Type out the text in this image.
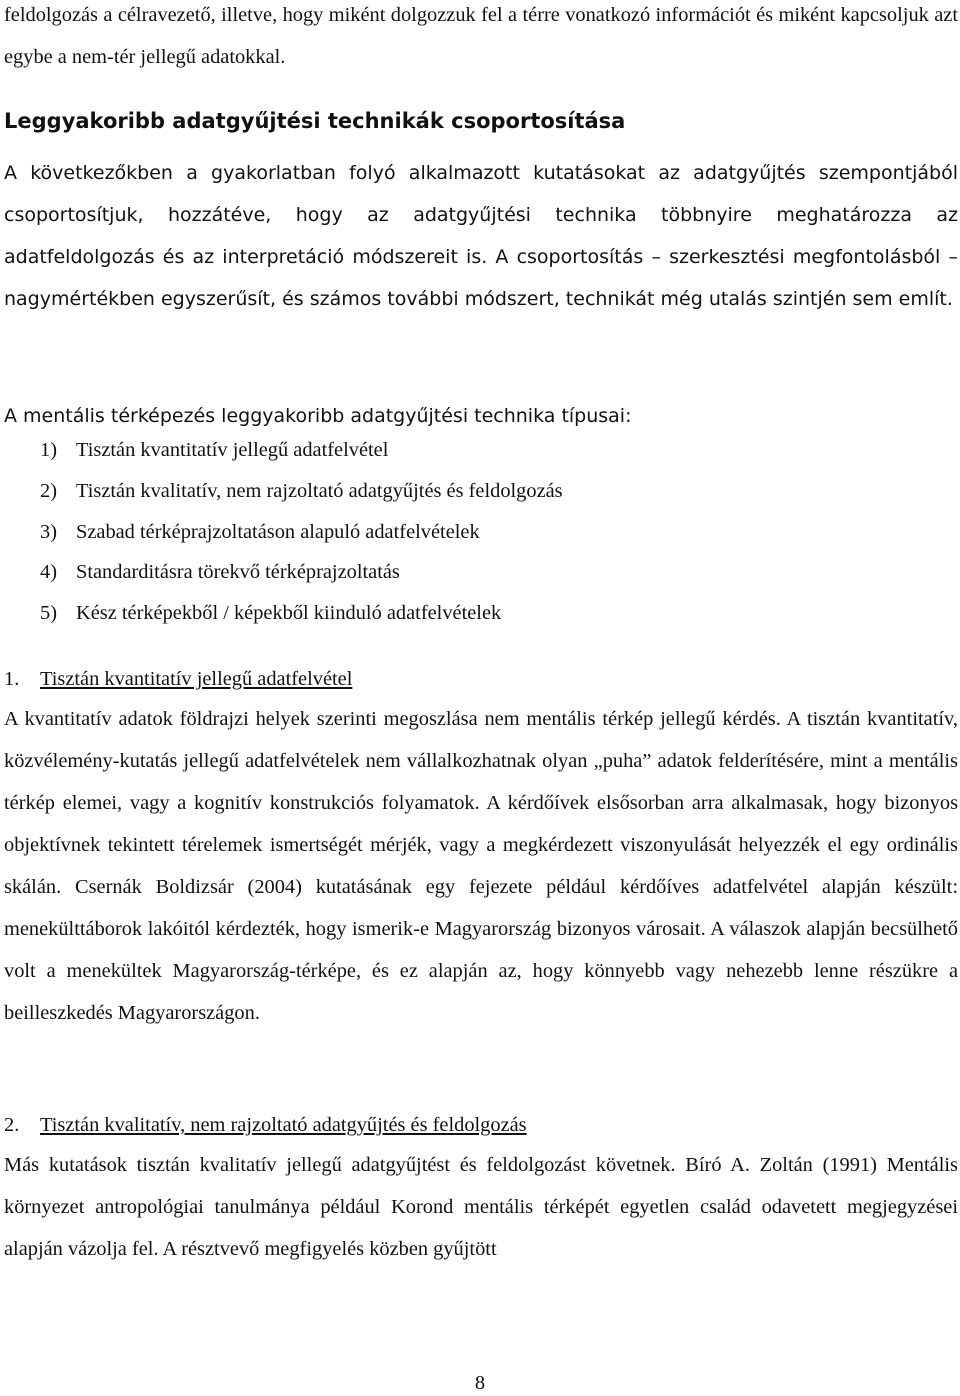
feldolgozás a célravezető, illetve, hogy miként dolgozzuk fel a térre vonatkozó információt és miként kapcsoljuk azt egybe a nem-tér jellegű adatokkal.

Leggyakoribb adatgyűjtési technikák csoportosítása

A következőkben a gyakorlatban folyó alkalmazott kutatásokat az adatgyűjtés szempontjából csoportosítjuk, hozzátéve, hogy az adatgyűjtési technika többnyire meghatározza az adatfeldolgozás és az interpretáció módszereit is. A csoportosítás – szerkesztési megfontolásból – nagymértékben egyszerűsít, és számos további módszert, technikát még utalás szintjén sem említ.

A mentális térképezés leggyakoribb adatgyűjtési technika típusai:

1) Tisztán kvantitatív jellegű adatfelvétel
2) Tisztán kvalitatív, nem rajzoltató adatgyűjtés és feldolgozás
3) Szabad térképrajzoltatáson alapuló adatfelvételek
4) Standarditásra törekvő térképrajzoltatás
5) Kész térképekből / képekből kiinduló adatfelvételek

1. Tisztán kvantitatív jellegű adatfelvétel

A kvantitatív adatok földrajzi helyek szerinti megoszlása nem mentális térkép jellegű kérdés. A tisztán kvantitatív, közvélemény-kutatás jellegű adatfelvételek nem vállalkozhatnak olyan „puha” adatok felderítésére, mint a mentális térkép elemei, vagy a kognitív konstrukciós folyamatok. A kérdőívek elsősorban arra alkalmasak, hogy bizonyos objektívnek tekintett térelemek ismertségét mérjék, vagy a megkérdezett viszonyulását helyezzék el egy ordinális skálán. Csernák Boldizsár (2004) kutatásának egy fejezete például kérdőíves adatfelvétel alapján készült: menekülttáborok lakóitól kérdezték, hogy ismerik-e Magyarország bizonyos városait. A válaszok alapján becsülhető volt a menekültek Magyarország-térképe, és ez alapján az, hogy könnyebb vagy nehezebb lenne részükre a beilleszkedés Magyarországon.

2. Tisztán kvalitatív, nem rajzoltató adatgyűjtés és feldolgozás

Más kutatások tisztán kvalitatív jellegű adatgyűjtést és feldolgozást követnek. Bíró A. Zoltán (1991) Mentális környezet antropológiai tanulmánya például Korond mentális térképét egyetlen család odavetett megjegyzései alapján vázolja fel. A résztvevő megfigyelés közben gyűjtött

8
